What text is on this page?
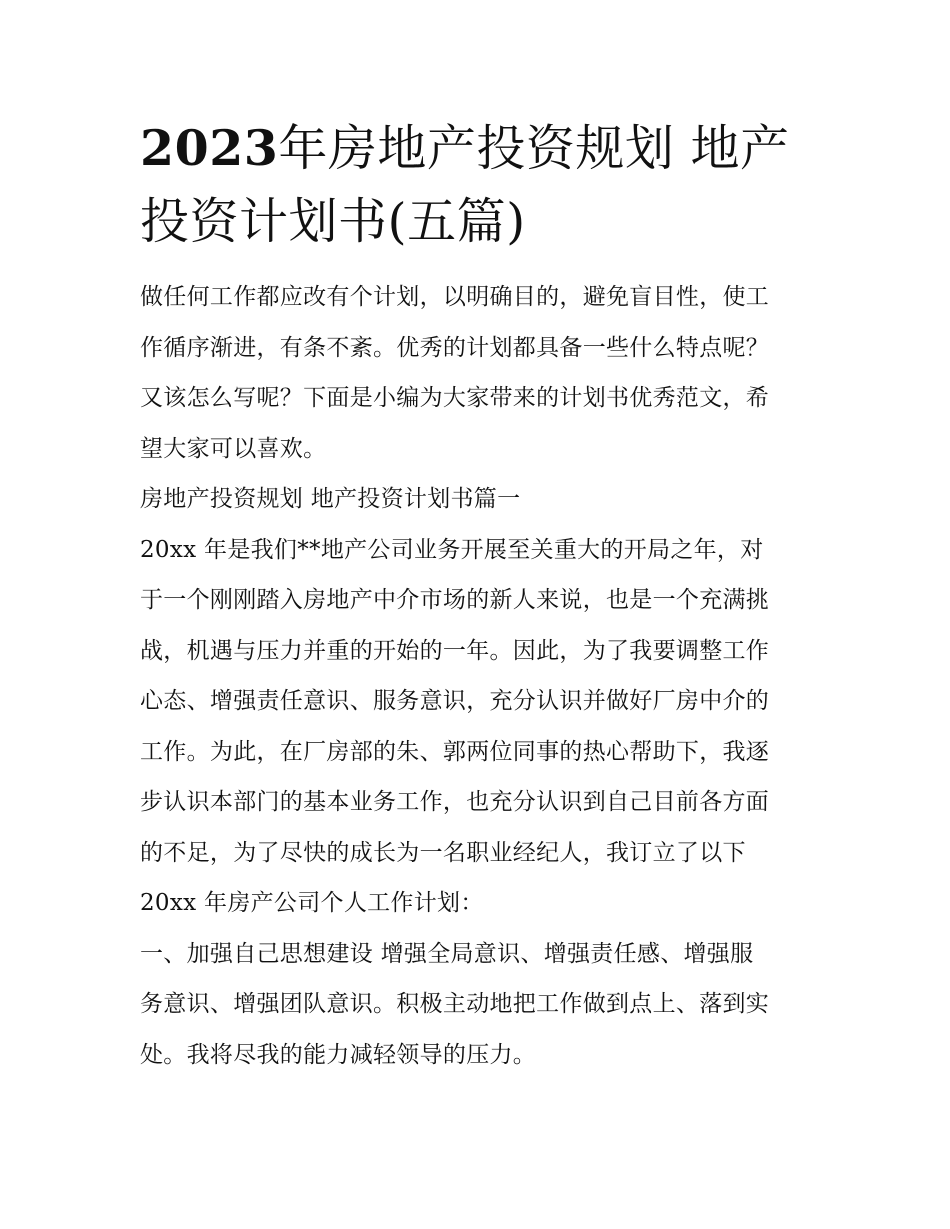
2023年房地产投资规划 地产
投资计划书(五篇)
做任何工作都应改有个计划，以明确目的，避免盲目性，使工
作循序渐进，有条不紊。优秀的计划都具备一些什么特点呢？
又该怎么写呢？下面是小编为大家带来的计划书优秀范文，希
望大家可以喜欢。
房地产投资规划 地产投资计划书篇一
20xx 年是我们**地产公司业务开展至关重大的开局之年，对
于一个刚刚踏入房地产中介市场的新人来说，也是一个充满挑
战，机遇与压力并重的开始的一年。因此，为了我要调整工作
心态、增强责任意识、服务意识，充分认识并做好厂房中介的
工作。为此，在厂房部的朱、郭两位同事的热心帮助下，我逐
步认识本部门的基本业务工作，也充分认识到自己目前各方面
的不足，为了尽快的成长为一名职业经纪人，我订立了以下
20xx 年房产公司个人工作计划：
一、加强自己思想建设 增强全局意识、增强责任感、增强服
务意识、增强团队意识。积极主动地把工作做到点上、落到实
处。我将尽我的能力减轻领导的压力。
